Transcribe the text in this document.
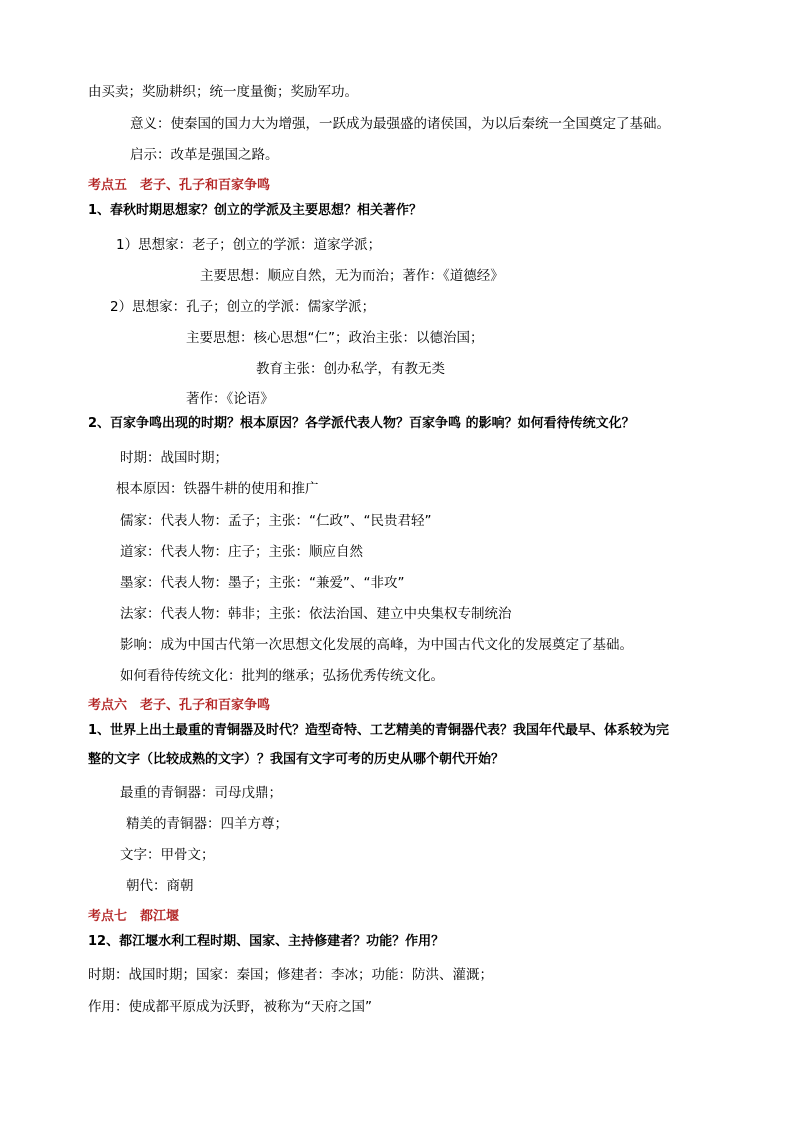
由买卖；奖励耕织；统一度量衡；奖励军功。
意义：使秦国的国力大为增强，一跃成为最强盛的诸侯国，为以后秦统一全国奠定了基础。
启示：改革是强国之路。
考点五　老子、孔子和百家争鸣
1、春秋时期思想家？创立的学派及主要思想？相关著作？
1）思想家：老子；创立的学派：道家学派；
主要思想：顺应自然，无为而治；著作：《道德经》
2）思想家：孔子；创立的学派：儒家学派；
主要思想：核心思想“仁”；政治主张：以德治国；
教育主张：创办私学，有教无类
著作：《论语》
2、百家争鸣出现的时期？根本原因？各学派代表人物？百家争鸣 的影响？如何看待传统文化？
时期：战国时期；
根本原因：铁器牛耕的使用和推广
儒家：代表人物：孟子；主张：“仁政”、“民贵君轻”
道家：代表人物：庄子；主张：顺应自然
墨家：代表人物：墨子；主张：“兼爱”、“非攻”
法家：代表人物：韩非；主张：依法治国、建立中央集权专制统治
影响：成为中国古代第一次思想文化发展的高峰，为中国古代文化的发展奠定了基础。
如何看待传统文化：批判的继承；弘扬优秀传统文化。
考点六　老子、孔子和百家争鸣
1、世界上出土最重的青铜器及时代？造型奇特、工艺精美的青铜器代表？我国年代最早、体系较为完
整的文字（比较成熟的文字）？我国有文字可考的历史从哪个朝代开始？
最重的青铜器：司母戊鼎；
精美的青铜器：四羊方尊；
文字：甲骨文；
朝代：商朝
考点七　都江堰
12、都江堰水利工程时期、国家、主持修建者？功能？作用？
时期：战国时期；国家：秦国；修建者：李冰；功能：防洪、灌溉；
作用：使成都平原成为沃野，被称为“天府之国”
